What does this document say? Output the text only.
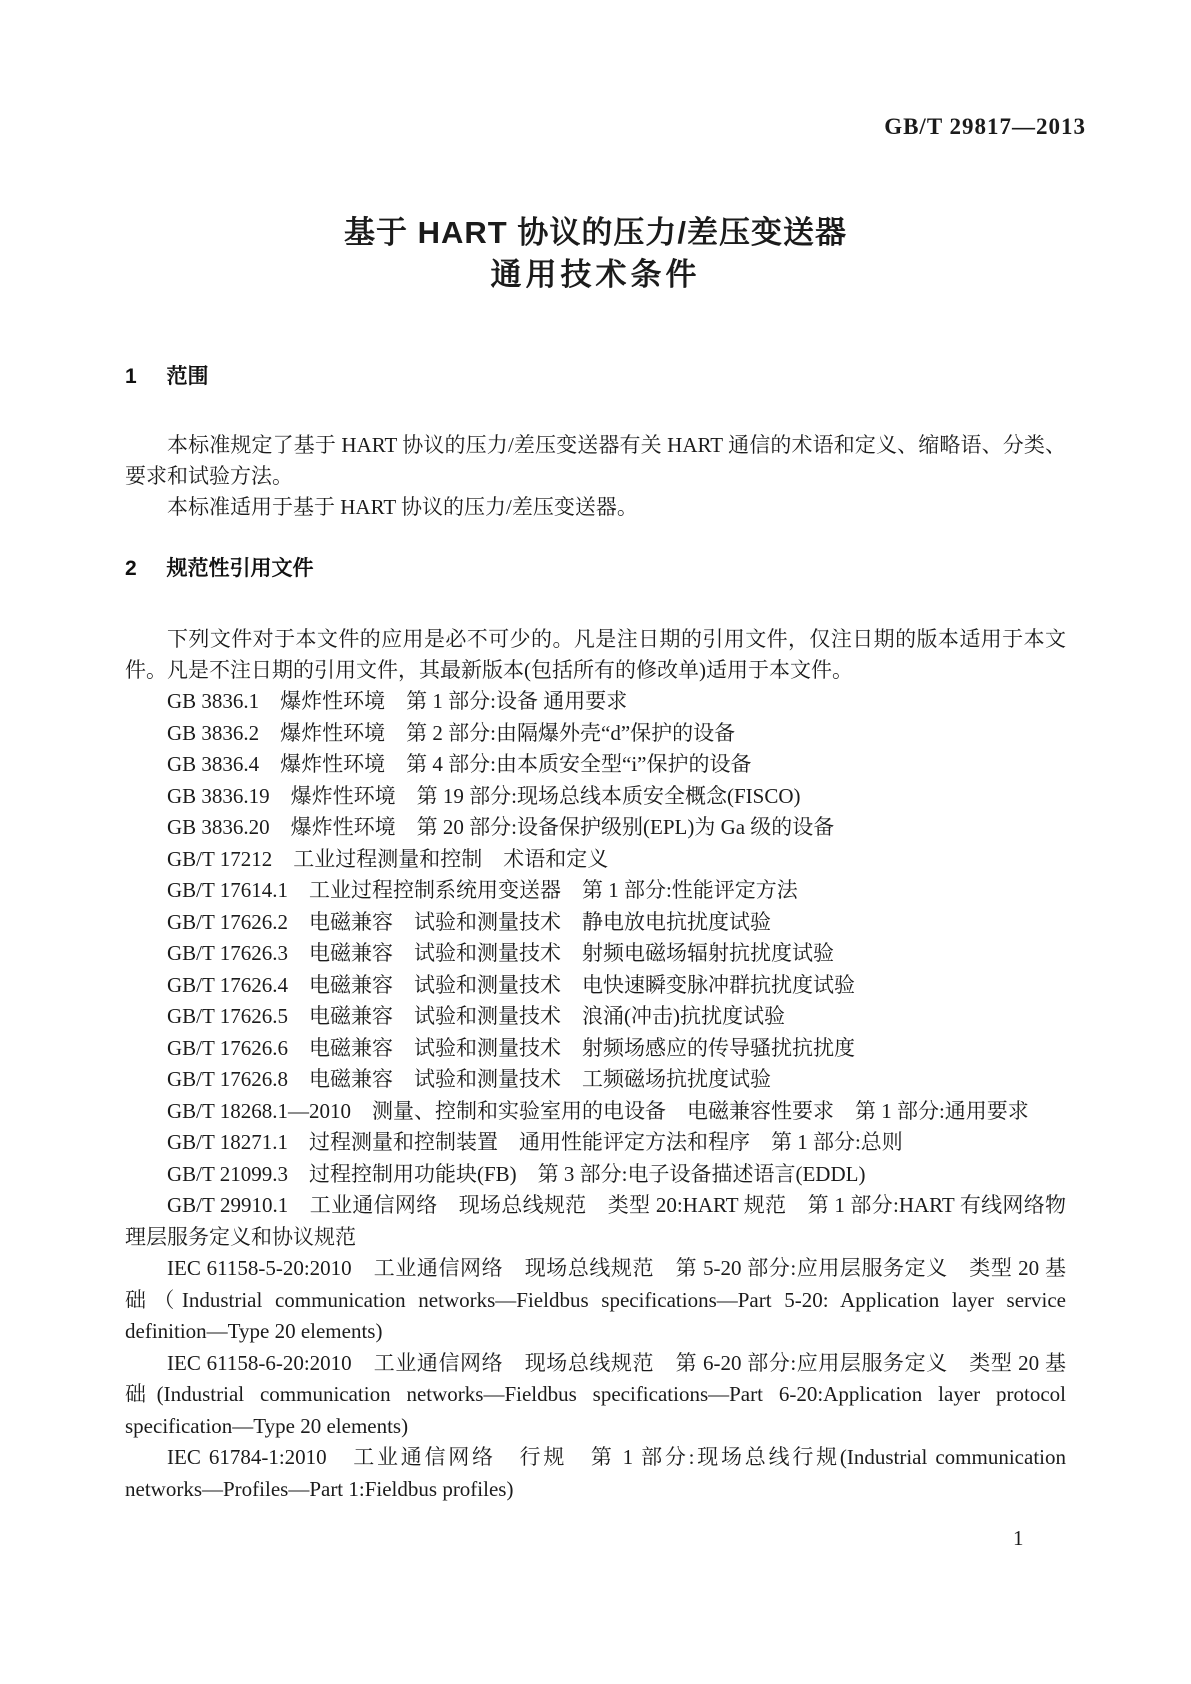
GB/T 29817—2013
基于 HART 协议的压力/差压变送器
通用技术条件
1 范围

本标准规定了基于 HART 协议的压力/差压变送器有关 HART 通信的术语和定义、缩略语、分类、要求和试验方法。

本标准适用于基于 HART 协议的压力/差压变送器。

2 规范性引用文件

下列文件对于本文件的应用是必不可少的。凡是注日期的引用文件，仅注日期的版本适用于本文件。凡是不注日期的引用文件，其最新版本(包括所有的修改单)适用于本文件。

GB 3836.1　爆炸性环境　第 1 部分:设备 通用要求

GB 3836.2　爆炸性环境　第 2 部分:由隔爆外壳“d”保护的设备

GB 3836.4　爆炸性环境　第 4 部分:由本质安全型“i”保护的设备

GB 3836.19　爆炸性环境　第 19 部分:现场总线本质安全概念(FISCO)

GB 3836.20　爆炸性环境　第 20 部分:设备保护级别(EPL)为 Ga 级的设备

GB/T 17212　工业过程测量和控制　术语和定义

GB/T 17614.1　工业过程控制系统用变送器　第 1 部分:性能评定方法

GB/T 17626.2　电磁兼容　试验和测量技术　静电放电抗扰度试验

GB/T 17626.3　电磁兼容　试验和测量技术　射频电磁场辐射抗扰度试验

GB/T 17626.4　电磁兼容　试验和测量技术　电快速瞬变脉冲群抗扰度试验

GB/T 17626.5　电磁兼容　试验和测量技术　浪涌(冲击)抗扰度试验

GB/T 17626.6　电磁兼容　试验和测量技术　射频场感应的传导骚扰抗扰度

GB/T 17626.8　电磁兼容　试验和测量技术　工频磁场抗扰度试验

GB/T 18268.1—2010　测量、控制和实验室用的电设备　电磁兼容性要求　第 1 部分:通用要求

GB/T 18271.1　过程测量和控制装置　通用性能评定方法和程序　第 1 部分:总则

GB/T 21099.3　过程控制用功能块(FB)　第 3 部分:电子设备描述语言(EDDL)

GB/T 29910.1　工业通信网络　现场总线规范　类型 20:HART 规范　第 1 部分:HART 有线网络物理层服务定义和协议规范

IEC 61158-5-20:2010　工业通信网络　现场总线规范　第 5-20 部分:应用层服务定义　类型 20 基础（Industrial communication networks—Fieldbus specifications—Part 5-20: Application layer service definition—Type 20 elements)

IEC 61158-6-20:2010　工业通信网络　现场总线规范　第 6-20 部分:应用层服务定义　类型 20 基础(Industrial communication networks—Fieldbus specifications—Part 6-20:Application layer protocol specification—Type 20 elements)

IEC 61784-1:2010　工业通信网络　行规　第 1 部分:现场总线行规(Industrial communication networks—Profiles—Part 1:Fieldbus profiles)

1
